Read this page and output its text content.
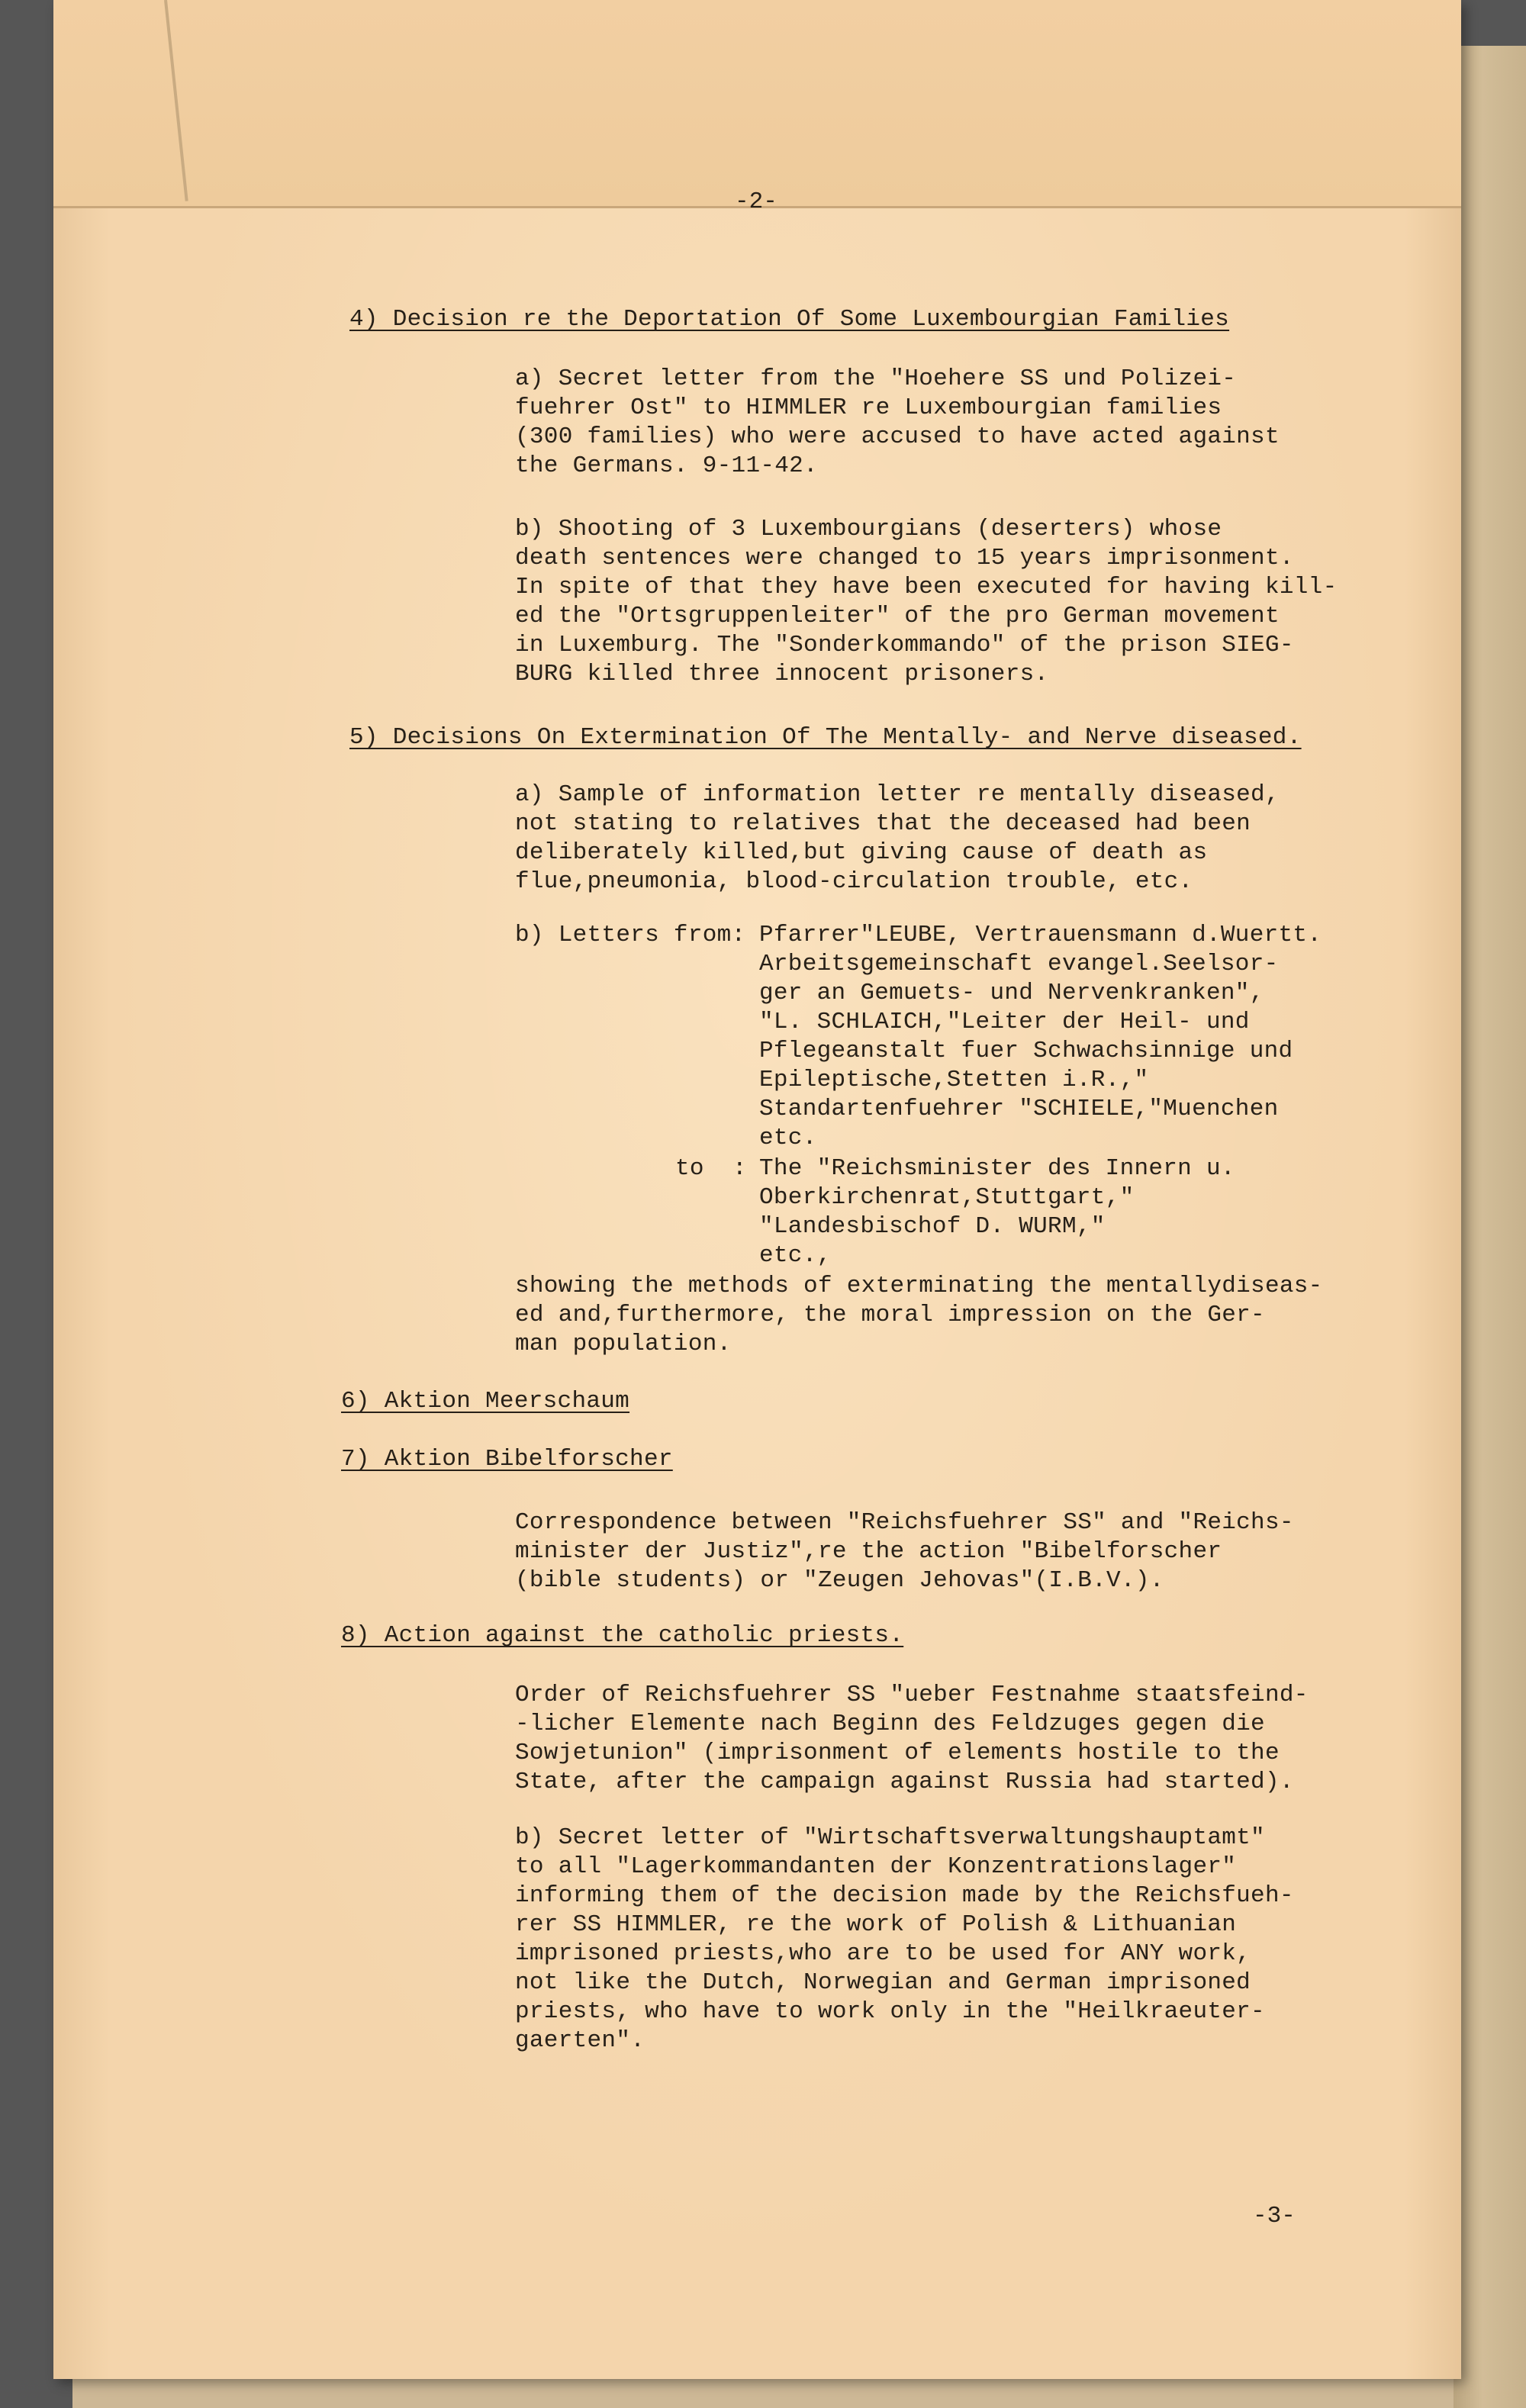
-2-
4) Decision re the Deportation Of Some Luxembourgian Families
a) Secret letter from the "Hoehere SS und Polizei-
fuehrer Ost" to HIMMLER re Luxembourgian families
(300 families) who were accused to have acted against
the Germans. 9-11-42.
b) Shooting of 3 Luxembourgians (deserters) whose
death sentences were changed to 15 years imprisonment.
In spite of that they have been executed for having kill-
ed the "Ortsgruppenleiter" of the pro German movement
in Luxemburg. The "Sonderkommando" of the prison SIEG-
BURG killed three innocent prisoners.
5) Decisions On Extermination Of The Mentally- and Nerve diseased.
a) Sample of information letter re mentally diseased,
not stating to relatives that the deceased had been
deliberately killed,but giving cause of death as
flue,pneumonia, blood-circulation trouble, etc.
b) Letters from: Pfarrer"LEUBE, Vertrauensmann d.Wuertt.
Arbeitsgemeinschaft evangel.Seelsor-
ger an Gemuets- und Nervenkranken",
"L. SCHLAICH,"Leiter der Heil- und
Pflegeanstalt fuer Schwachsinnige und
Epileptische,Stetten i.R.,"
Standartenfuehrer "SCHIELE,"Muenchen
etc.
to : The "Reichsminister des Innern u.
Oberkirchenrat,Stuttgart,"
"Landesbischof D. WURM,"
etc.,
showing the methods of exterminating the mentallydiseas-
ed and,furthermore, the moral impression on the Ger-
man population.
6) Aktion Meerschaum
7) Aktion Bibelforscher
Correspondence between "Reichsfuehrer SS" and "Reichs-
minister der Justiz",re the action "Bibelforscher
(bible students) or "Zeugen Jehovas"(I.B.V.).
8) Action against the catholic priests.
Order of Reichsfuehrer SS "ueber Festnahme staatsfeind-
-licher Elemente nach Beginn des Feldzuges gegen die
Sowjetunion" (imprisonment of elements hostile to the
State, after the campaign against Russia had started).
b) Secret letter of "Wirtschaftsverwaltungshauptamt"
to all "Lagerkommandanten der Konzentrationslager"
informing them of the decision made by the Reichsfueh-
rer SS HIMMLER, re the work of Polish & Lithuanian
imprisoned priests,who are to be used for ANY work,
not like the Dutch, Norwegian and German imprisoned
priests, who have to work only in the "Heilkraeuter-
gaerten".
-3-
